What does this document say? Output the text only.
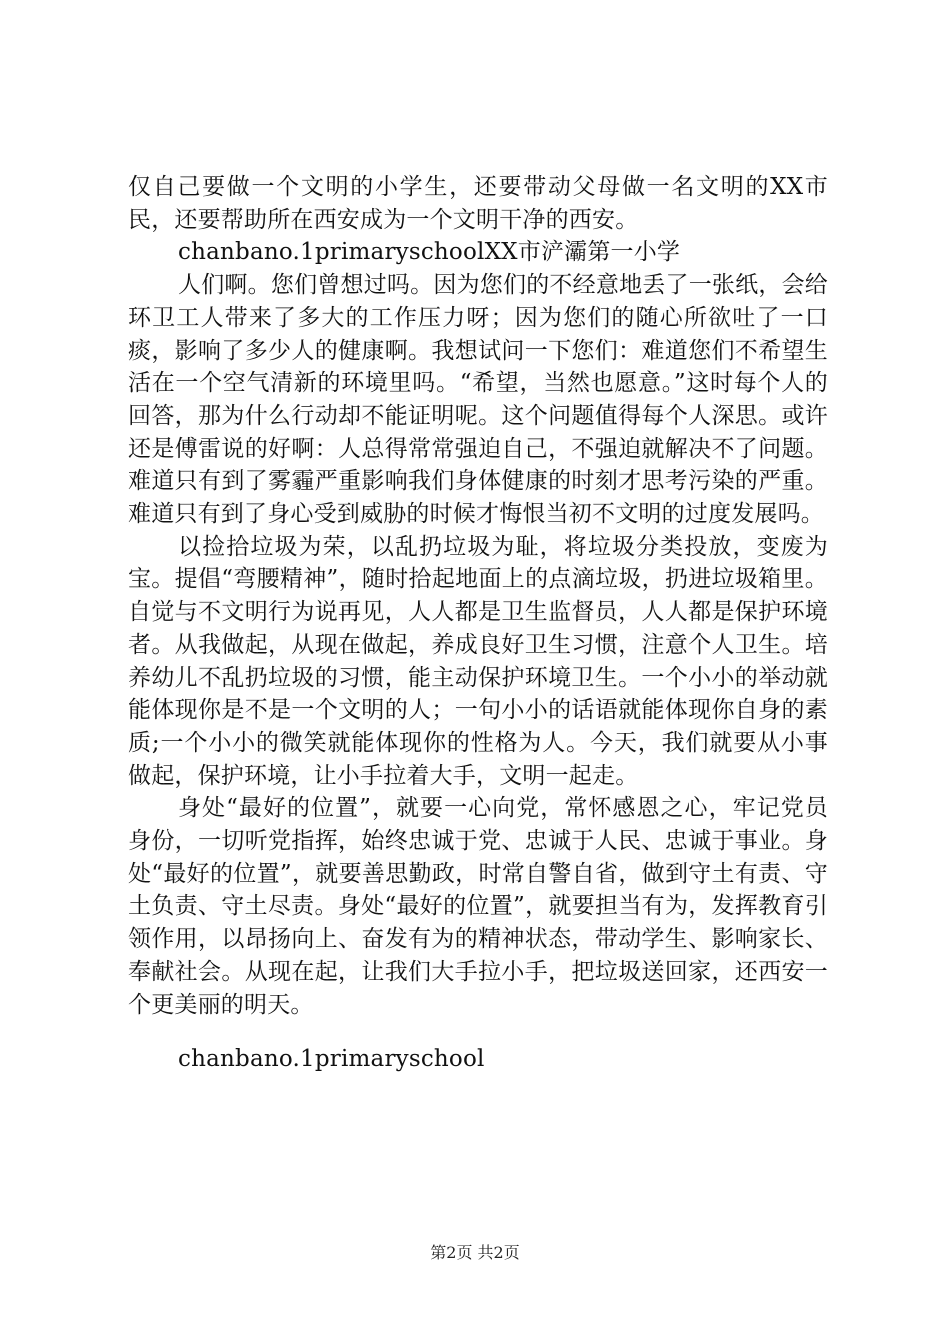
仅自己要做一个文明的小学生，还要带动父母做一名文明的XX市民，还要帮助所在西安成为一个文明干净的西安。

chanbano.1primaryschoolXX市浐灞第一小学

人们啊。您们曾想过吗。因为您们的不经意地丢了一张纸，会给环卫工人带来了多大的工作压力呀；因为您们的随心所欲吐了一口痰，影响了多少人的健康啊。我想试问一下您们：难道您们不希望生活在一个空气清新的环境里吗。“希望，当然也愿意。”这时每个人的回答，那为什么行动却不能证明呢。这个问题值得每个人深思。或许还是傅雷说的好啊：人总得常常强迫自己，不强迫就解决不了问题。难道只有到了雾霾严重影响我们身体健康的时刻才思考污染的严重。难道只有到了身心受到威胁的时候才悔恨当初不文明的过度发展吗。

以捡拾垃圾为荣，以乱扔垃圾为耻，将垃圾分类投放，变废为宝。提倡“弯腰精神”，随时拾起地面上的点滴垃圾，扔进垃圾箱里。自觉与不文明行为说再见，人人都是卫生监督员，人人都是保护环境者。从我做起，从现在做起，养成良好卫生习惯，注意个人卫生。培养幼儿不乱扔垃圾的习惯，能主动保护环境卫生。一个小小的举动就能体现你是不是一个文明的人；一句小小的话语就能体现你自身的素质;一个小小的微笑就能体现你的性格为人。今天，我们就要从小事做起，保护环境，让小手拉着大手，文明一起走。

身处“最好的位置”，就要一心向党，常怀感恩之心，牢记党员身份，一切听党指挥，始终忠诚于党、忠诚于人民、忠诚于事业。身处“最好的位置”，就要善思勤政，时常自警自省，做到守土有责、守土负责、守土尽责。身处“最好的位置”，就要担当有为，发挥教育引领作用，以昂扬向上、奋发有为的精神状态，带动学生、影响家长、奉献社会。从现在起，让我们大手拉小手，把垃圾送回家，还西安一个更美丽的明天。

chanbano.1primaryschool

第2页 共2页
